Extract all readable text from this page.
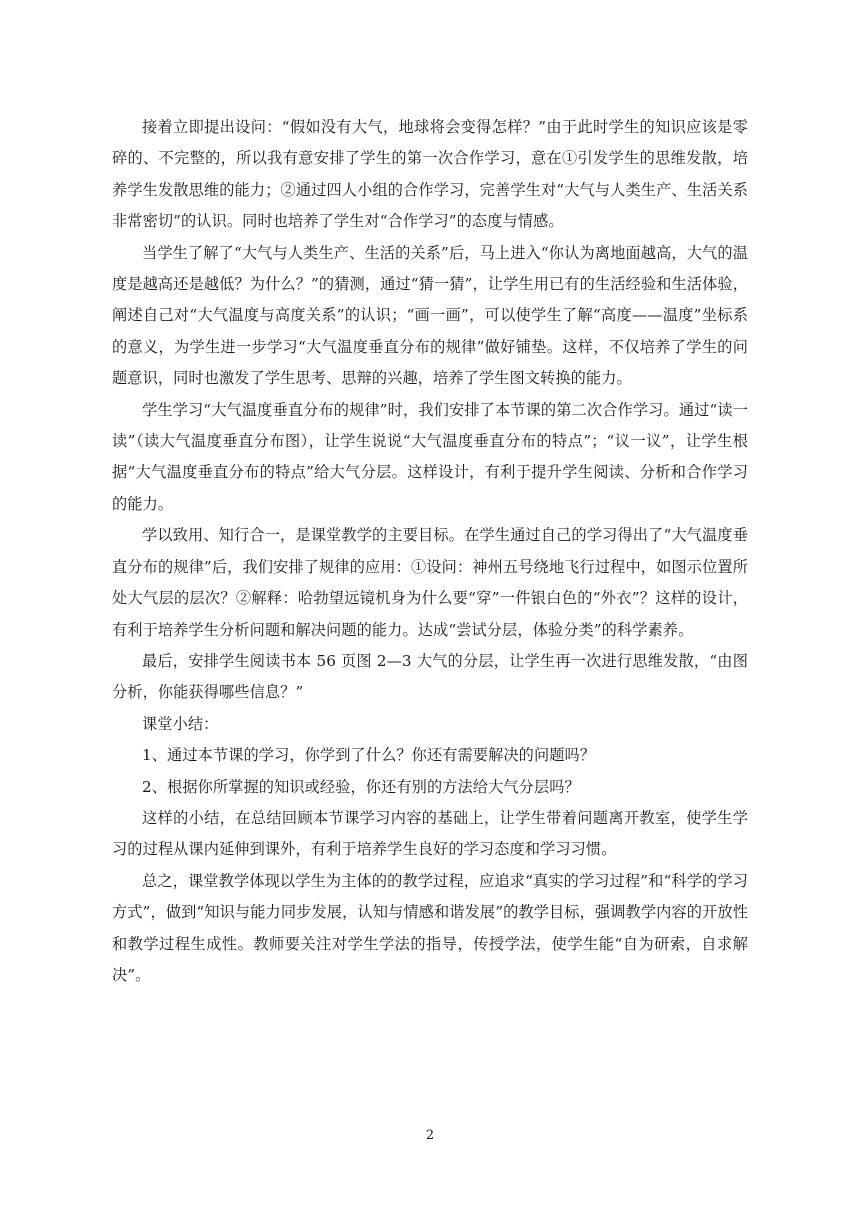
接着立即提出设问：“假如没有大气，地球将会变得怎样？”由于此时学生的知识应该是零碎的、不完整的，所以我有意安排了学生的第一次合作学习，意在①引发学生的思维发散，培养学生发散思维的能力；②通过四人小组的合作学习，完善学生对“大气与人类生产、生活关系非常密切”的认识。同时也培养了学生对“合作学习”的态度与情感。

当学生了解了“大气与人类生产、生活的关系”后，马上进入“你认为离地面越高，大气的温度是越高还是越低？为什么？”的猜测，通过“猜一猜”，让学生用已有的生活经验和生活体验，阐述自己对“大气温度与高度关系”的认识；“画一画”，可以使学生了解“高度——温度”坐标系的意义，为学生进一步学习“大气温度垂直分布的规律”做好铺垫。这样，不仅培养了学生的问题意识，同时也激发了学生思考、思辩的兴趣，培养了学生图文转换的能力。

学生学习“大气温度垂直分布的规律”时，我们安排了本节课的第二次合作学习。通过“读一读”（读大气温度垂直分布图），让学生说说“大气温度垂直分布的特点”；“议一议”，让学生根据“大气温度垂直分布的特点”给大气分层。这样设计，有利于提升学生阅读、分析和合作学习的能力。

学以致用、知行合一，是课堂教学的主要目标。在学生通过自己的学习得出了“大气温度垂直分布的规律”后，我们安排了规律的应用：①设问：神州五号绕地飞行过程中，如图示位置所处大气层的层次？②解释：哈勃望远镜机身为什么要“穿”一件银白色的“外衣”？这样的设计，有利于培养学生分析问题和解决问题的能力。达成“尝试分层，体验分类”的科学素养。

最后，安排学生阅读书本 56 页图 2—3 大气的分层，让学生再一次进行思维发散，“由图分析，你能获得哪些信息？”

课堂小结：

1、通过本节课的学习，你学到了什么？你还有需要解决的问题吗？

2、根据你所掌握的知识或经验，你还有别的方法给大气分层吗？

这样的小结，在总结回顾本节课学习内容的基础上，让学生带着问题离开教室，使学生学习的过程从课内延伸到课外，有利于培养学生良好的学习态度和学习习惯。

总之，课堂教学体现以学生为主体的的教学过程，应追求“真实的学习过程”和“科学的学习方式”，做到“知识与能力同步发展，认知与情感和谐发展”的教学目标，强调教学内容的开放性和教学过程生成性。教师要关注对学生学法的指导，传授学法，使学生能“自为研索，自求解决”。

2
